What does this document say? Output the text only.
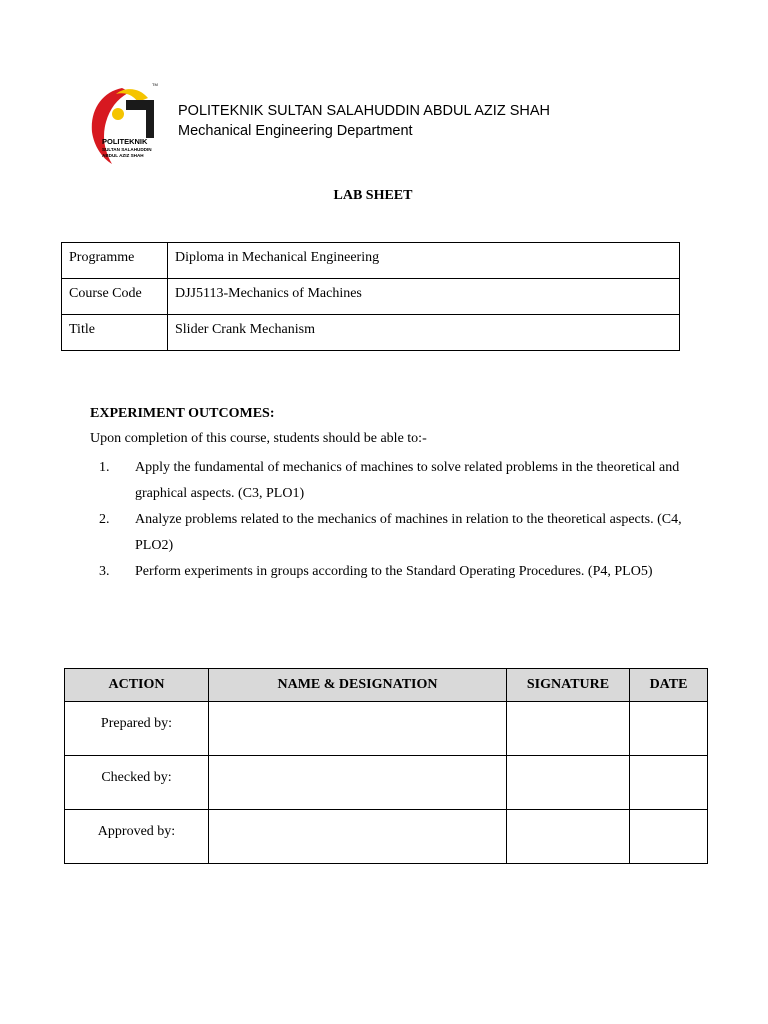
POLITEKNIK
SULTAN SALAHUDDIN
ABDUL AZIZ SHAH
TM
POLITEKNIK SULTAN SALAHUDDIN ABDUL AZIZ SHAH
Mechanical Engineering Department
LAB SHEET
Programme	Diploma in Mechanical Engineering
Course Code	DJJ5113-Mechanics of Machines
Title	Slider Crank Mechanism
EXPERIMENT OUTCOMES:

Upon completion of this course, students should be able to:-

1.	Apply the fundamental of mechanics of machines to solve related problems in the theoretical and graphical aspects. (C3, PLO1)
2.	Analyze problems related to the mechanics of machines in relation to the theoretical aspects. (C4, PLO2)
3.	Perform experiments in groups according to the Standard Operating Procedures. (P4, PLO5)
ACTION	NAME & DESIGNATION	SIGNATURE	DATE
Prepared by:			
Checked by:			
Approved by:			
